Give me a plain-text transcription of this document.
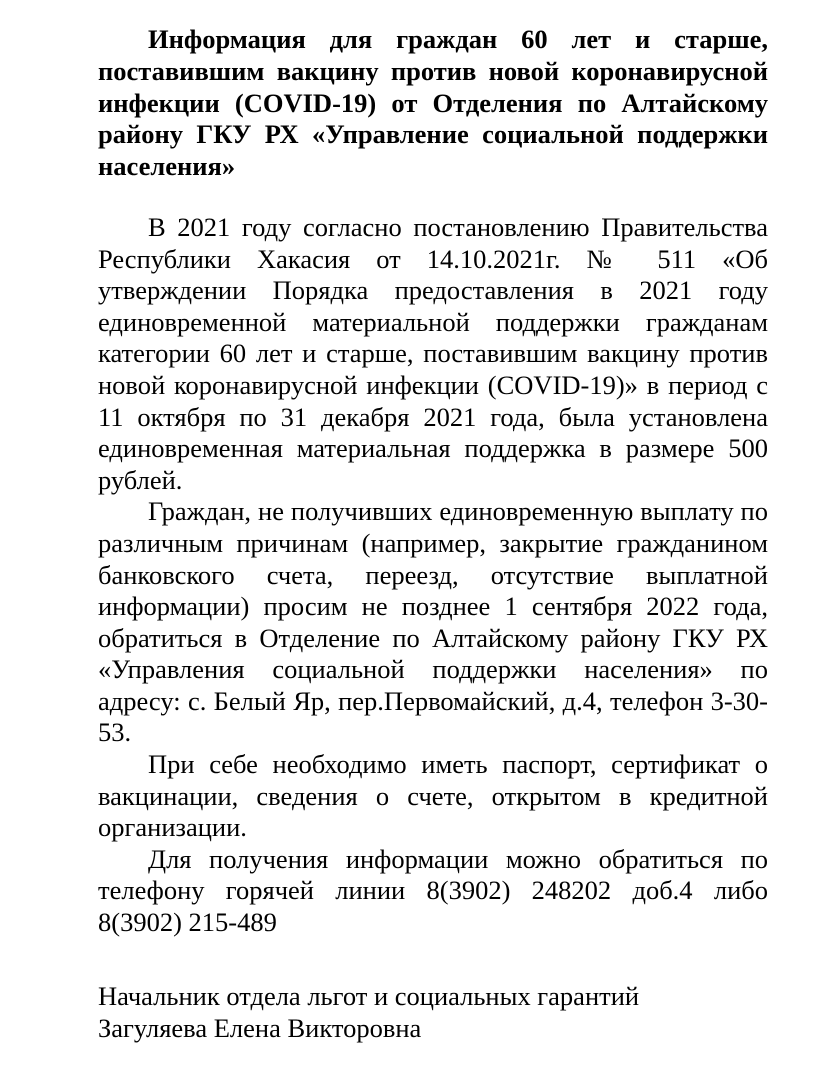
Информация для граждан 60 лет и старше, поставившим вакцину против новой коронавирусной инфекции (COVID-19) от Отделения по Алтайскому району ГКУ РХ «Управление социальной поддержки населения»

В 2021 году согласно постановлению Правительства Республики Хакасия от 14.10.2021г. № 511 «Об утверждении Порядка предоставления в 2021 году единовременной материальной поддержки гражданам категории 60 лет и старше, поставившим вакцину против новой коронавирусной инфекции (COVID-19)» в период с 11 октября по 31 декабря 2021 года, была установлена единовременная материальная поддержка в размере 500 рублей.

Граждан, не получивших единовременную выплату по различным причинам (например, закрытие гражданином банковского счета, переезд, отсутствие выплатной информации) просим не позднее 1 сентября 2022 года, обратиться в Отделение по Алтайскому району ГКУ РХ «Управления социальной поддержки населения» по адресу: с. Белый Яр, пер.Первомайский, д.4, телефон 3-30-53.

При себе необходимо иметь паспорт, сертификат о вакцинации, сведения о счете, открытом в кредитной организации.

Для получения информации можно обратиться по телефону горячей линии 8(3902) 248202 доб.4 либо 8(3902) 215-489

Начальник отдела льгот и социальных гарантий
Загуляева Елена Викторовна
